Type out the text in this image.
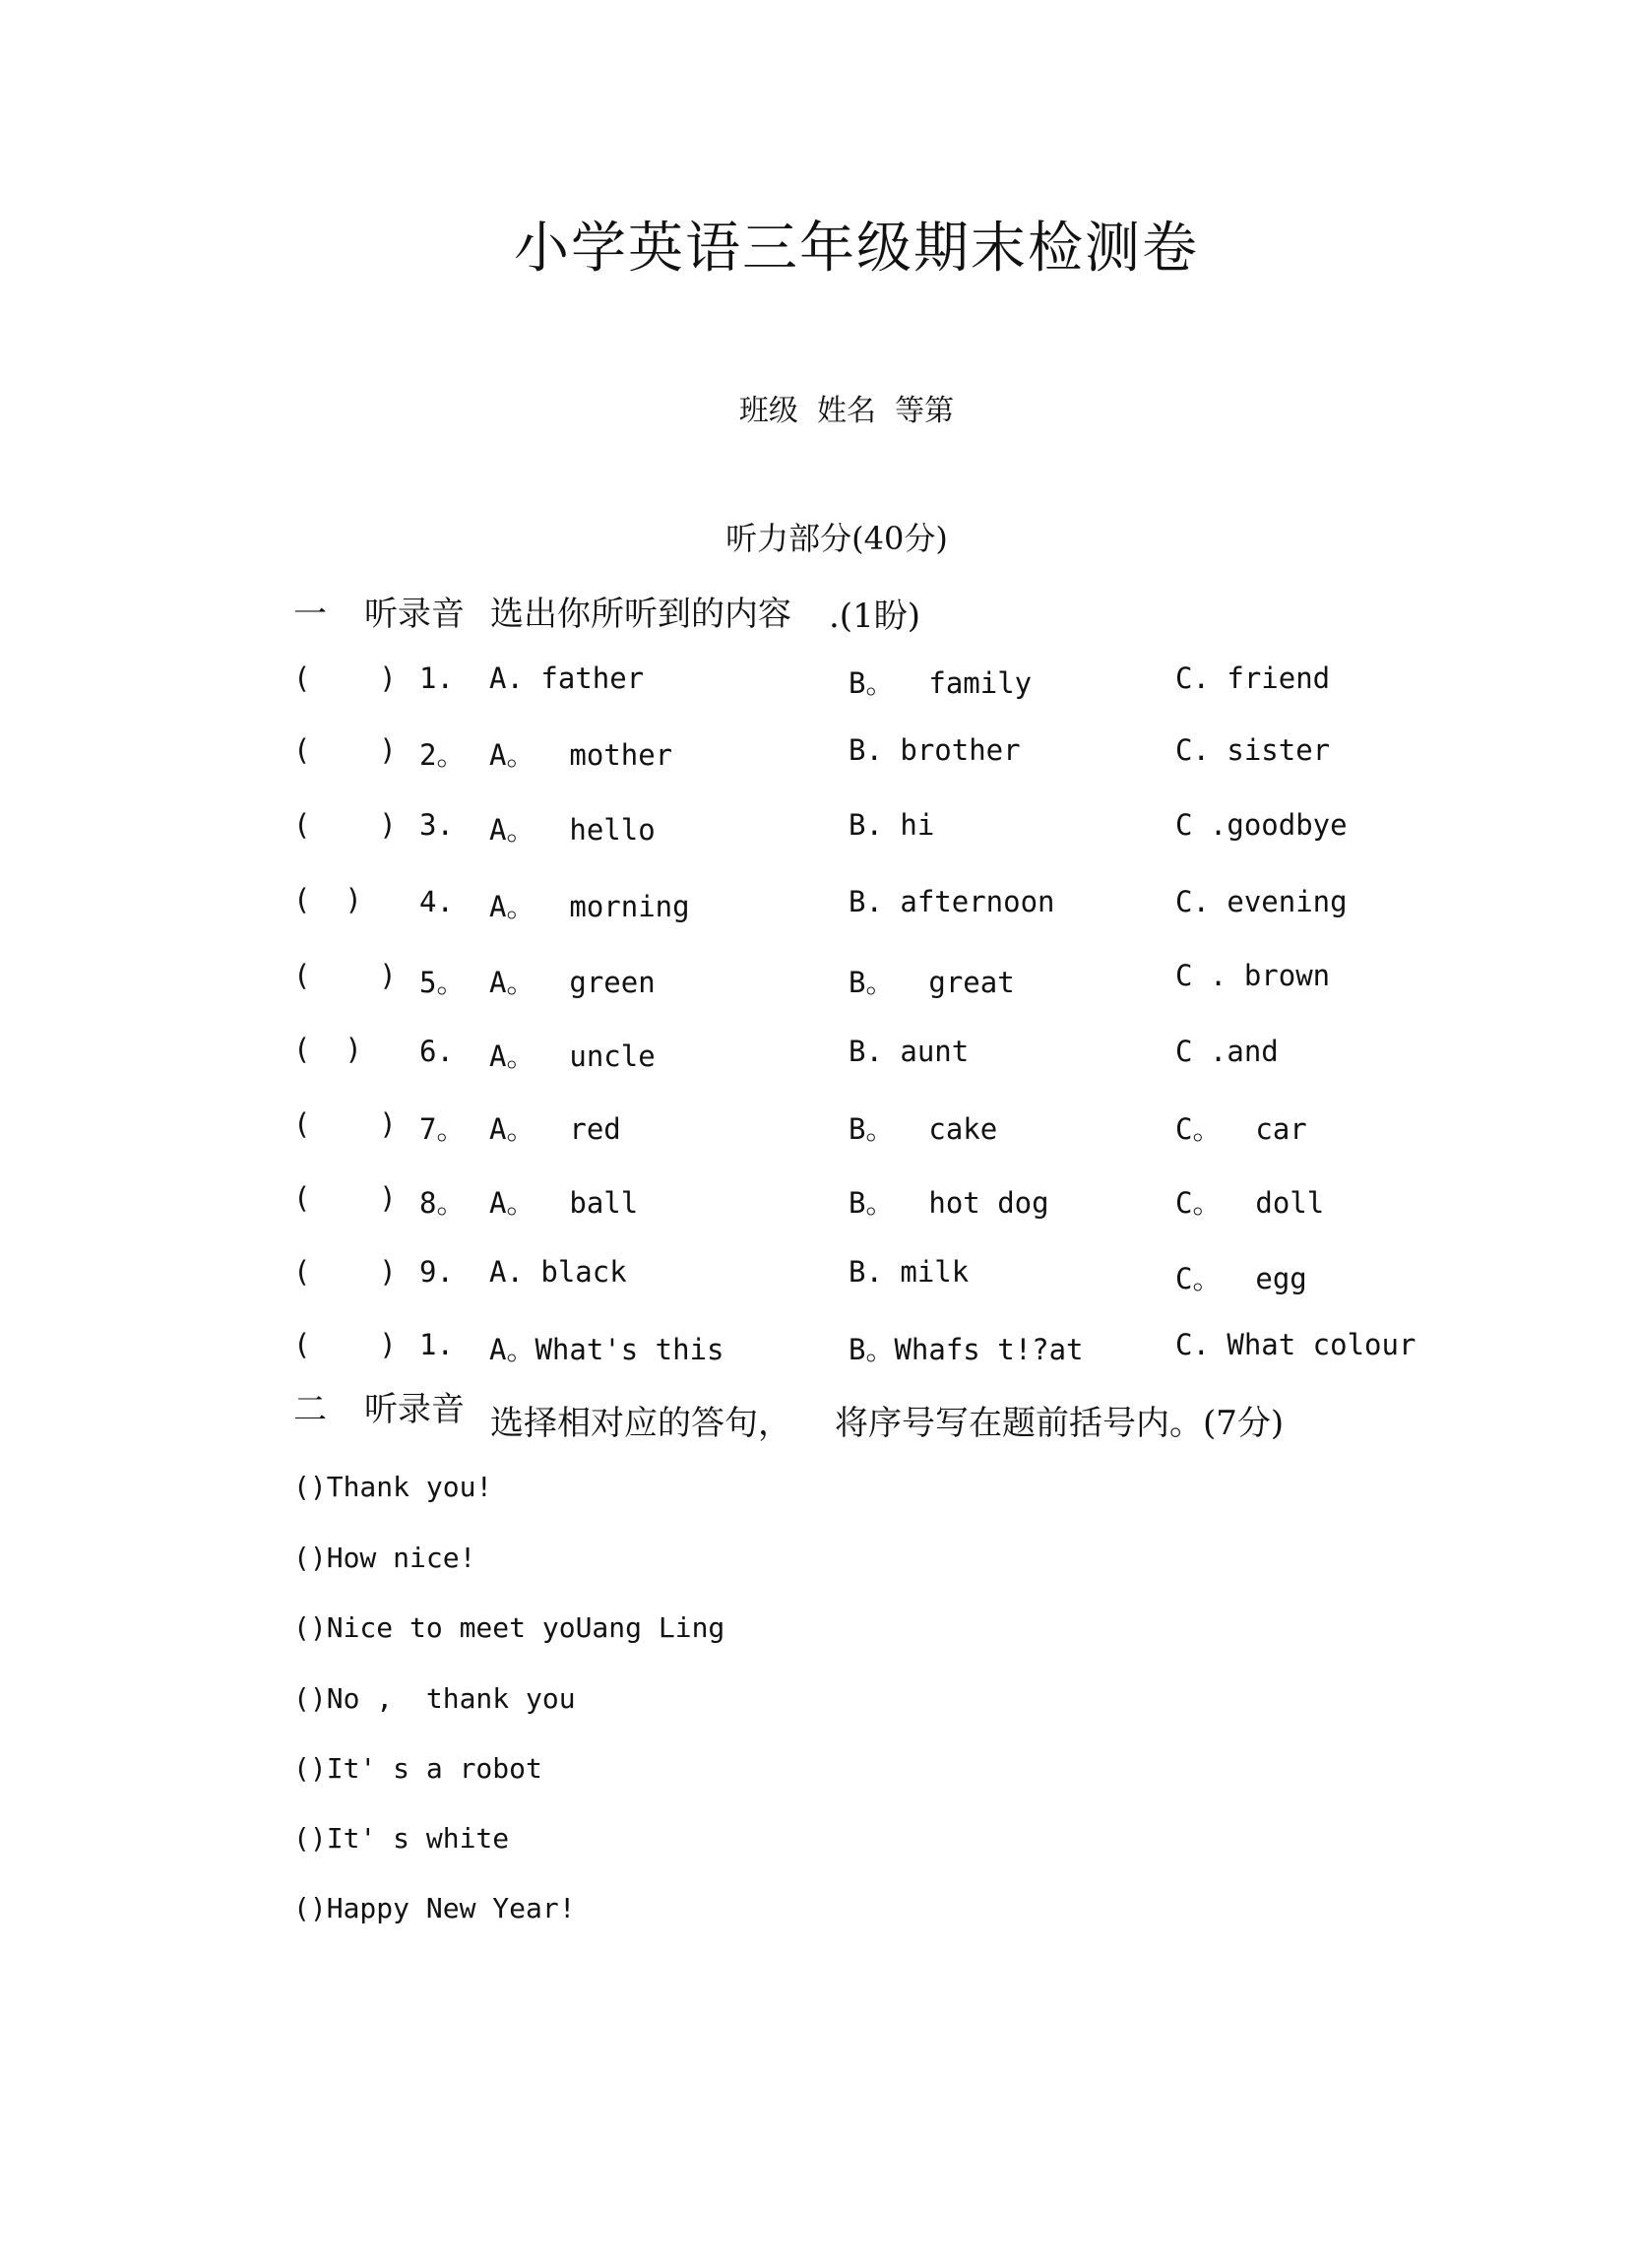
小学英语三年级期末检测卷
班级  姓名  等第
听力部分(40分)
一 听录音 选出你所听到的内容 .(1盼)
(    ) 1. A. father	B。  family	C. friend
(    ) 2。 A。  mother	B. brother	C. sister
(    ) 3. A。  hello	B. hi	C .goodbye
(  ) 4. A。  morning	B. afternoon	C. evening
(    ) 5。 A。  green	B。  great	C . brown
(  ) 6. A。  uncle	B. aunt	C .and
(    ) 7。 A。  red	B。  cake	C。  car
(    ) 8。 A。  ball	B。  hot dog	C。  doll
(    ) 9. A. black	B. milk	C。  egg
(    ) 1. A。What's this	B。Whafs t!?at	C. What colour
二 听录音 选择相对应的答句， 将序号写在题前括号内。(7分)
()Thank you!
()How nice!
()Nice to meet yoUang Ling
()No ,  thank you
()It' s a robot
()It' s white
()Happy New Year!
